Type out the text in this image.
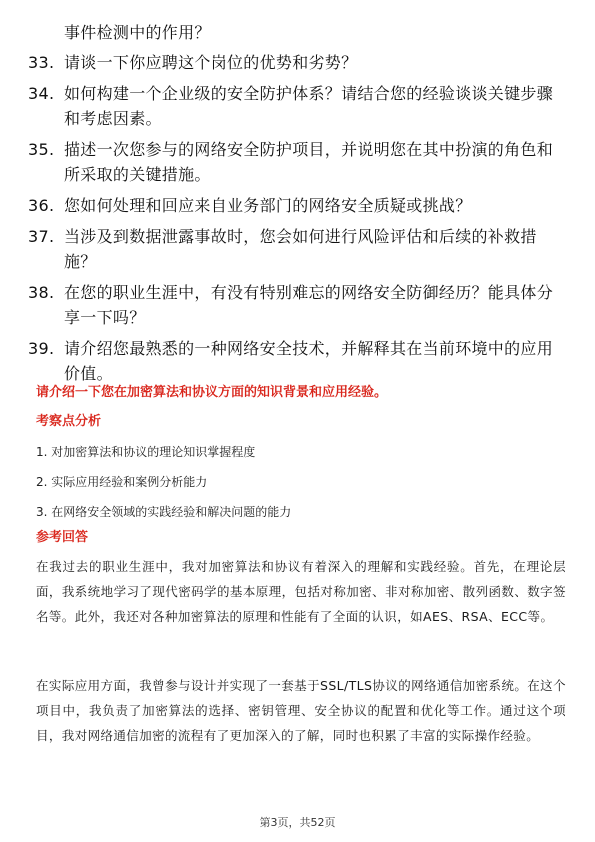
事件检测中的作用？
33. 请谈一下你应聘这个岗位的优势和劣势？
34. 如何构建一个企业级的安全防护体系？请结合您的经验谈谈关键步骤和考虑因素。
35. 描述一次您参与的网络安全防护项目，并说明您在其中扮演的角色和所采取的关键措施。
36. 您如何处理和回应来自业务部门的网络安全质疑或挑战？
37. 当涉及到数据泄露事故时，您会如何进行风险评估和后续的补救措施？
38. 在您的职业生涯中，有没有特别难忘的网络安全防御经历？能具体分享一下吗？
39. 请介绍您最熟悉的一种网络安全技术，并解释其在当前环境中的应用价值。
请介绍一下您在加密算法和协议方面的知识背景和应用经验。
考察点分析
1. 对加密算法和协议的理论知识掌握程度
2. 实际应用经验和案例分析能力
3. 在网络安全领域的实践经验和解决问题的能力
参考回答
在我过去的职业生涯中，我对加密算法和协议有着深入的理解和实践经验。首先，在理论层面，我系统地学习了现代密码学的基本原理，包括对称加密、非对称加密、散列函数、数字签名等。此外，我还对各种加密算法的原理和性能有了全面的认识，如AES、RSA、ECC等。
在实际应用方面，我曾参与设计并实现了一套基于SSL/TLS协议的网络通信加密系统。在这个项目中，我负责了加密算法的选择、密钥管理、安全协议的配置和优化等工作。通过这个项目，我对网络通信加密的流程有了更加深入的了解，同时也积累了丰富的实际操作经验。
第3页，共52页
